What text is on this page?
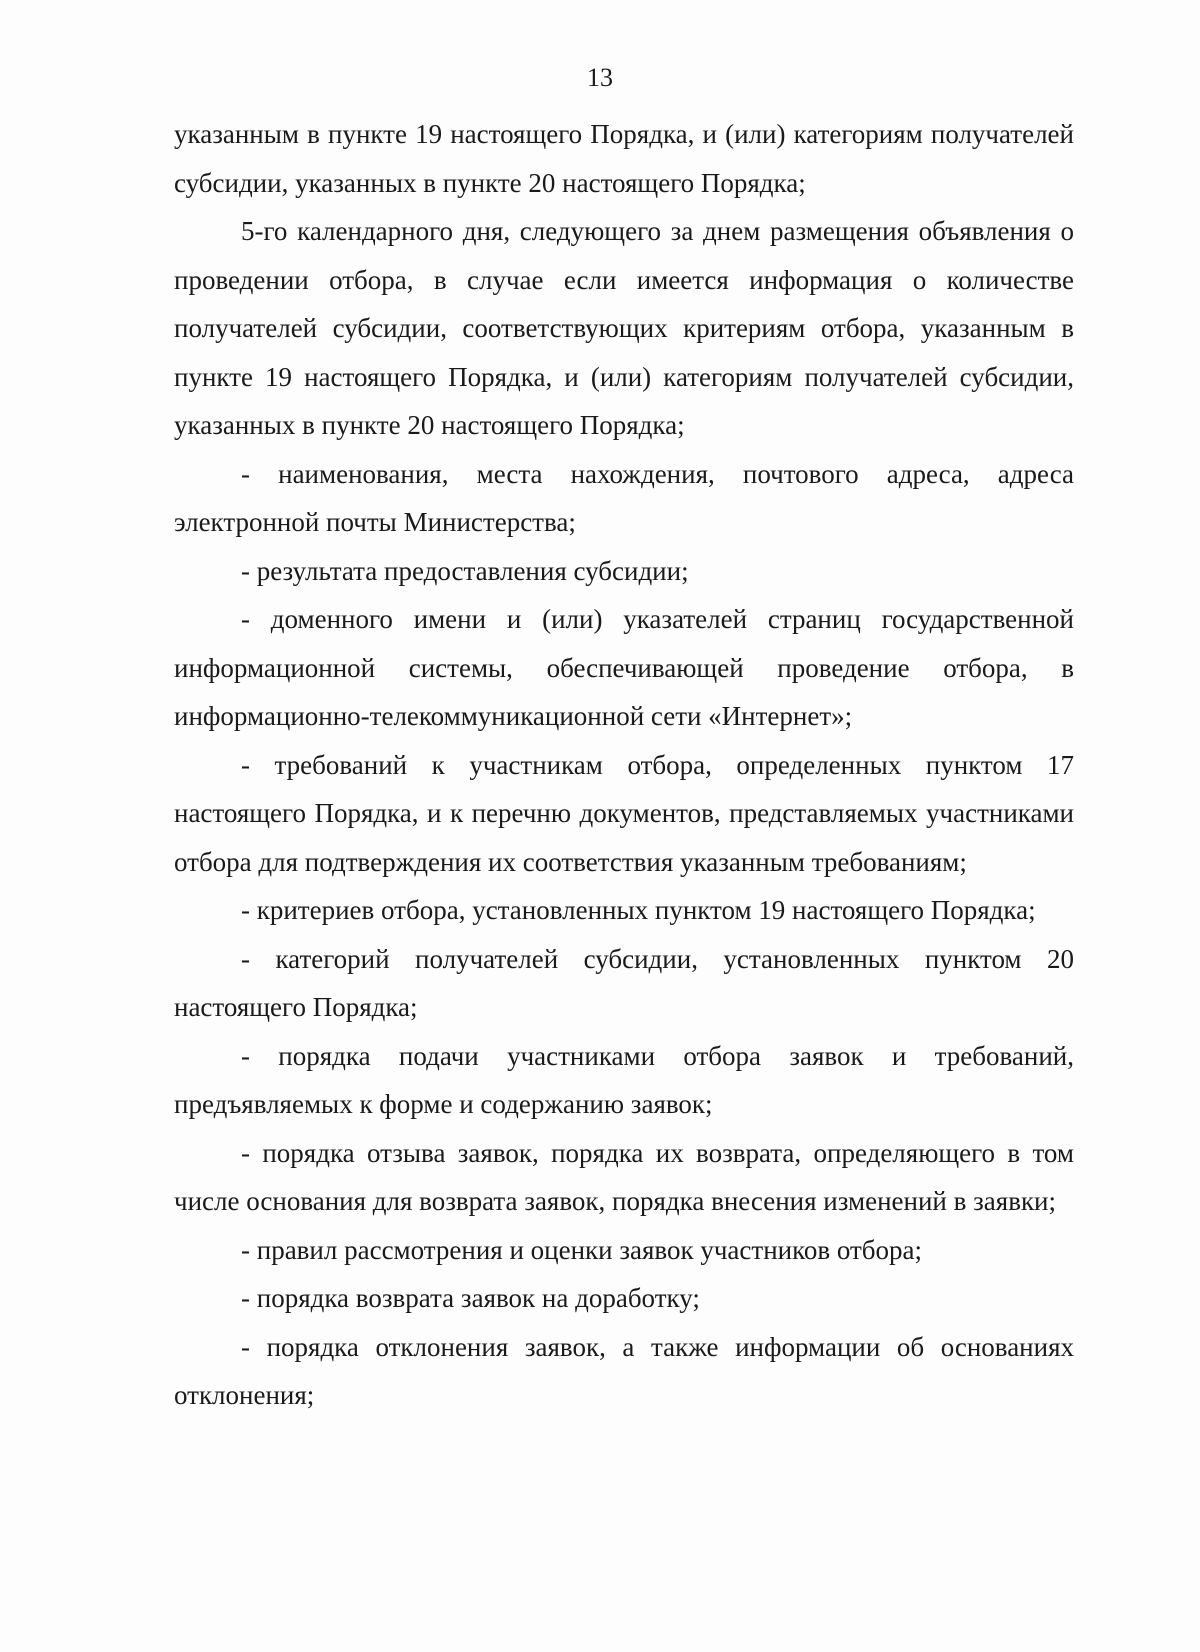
13

указанным в пункте 19 настоящего Порядка, и (или) категориям получателей субсидии, указанных в пункте 20 настоящего Порядка;

5-го календарного дня, следующего за днем размещения объявления о проведении отбора, в случае если имеется информация о количестве получателей субсидии, соответствующих критериям отбора, указанным в пункте 19 настоящего Порядка, и (или) категориям получателей субсидии, указанных в пункте 20 настоящего Порядка;

- наименования, места нахождения, почтового адреса, адреса электронной почты Министерства;

- результата предоставления субсидии;

- доменного имени и (или) указателей страниц государственной информационной системы, обеспечивающей проведение отбора, в информационно-телекоммуникационной сети «Интернет»;

- требований к участникам отбора, определенных пунктом 17 настоящего Порядка, и к перечню документов, представляемых участниками отбора для подтверждения их соответствия указанным требованиям;

- критериев отбора, установленных пунктом 19 настоящего Порядка;

- категорий получателей субсидии, установленных пунктом 20 настоящего Порядка;

- порядка подачи участниками отбора заявок и требований, предъявляемых к форме и содержанию заявок;

- порядка отзыва заявок, порядка их возврата, определяющего в том числе основания для возврата заявок, порядка внесения изменений в заявки;

- правил рассмотрения и оценки заявок участников отбора;

- порядка возврата заявок на доработку;

- порядка отклонения заявок, а также информации об основаниях отклонения;
